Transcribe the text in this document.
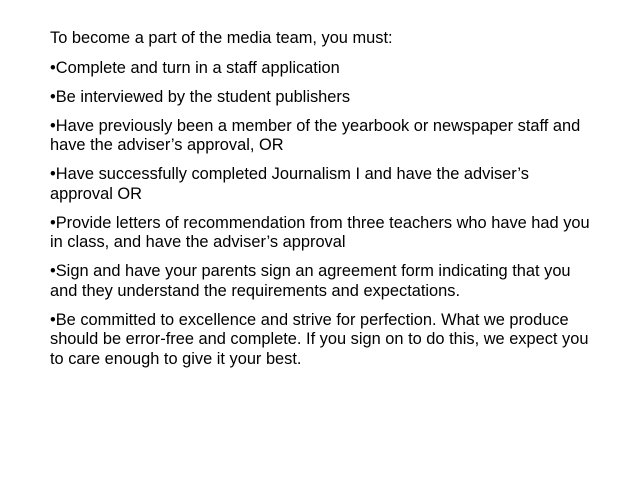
To become a part of the media team, you must:

•Complete and turn in a staff application
•Be interviewed by the student publishers
•Have previously been a member of the yearbook or newspaper staff and have the adviser’s approval, OR
•Have successfully completed Journalism I and have the adviser’s approval OR
•Provide letters of recommendation from three teachers who have had you in class, and have the adviser’s approval
•Sign and have your parents sign an agreement form indicating that you and they understand the requirements and expectations.
•Be committed to excellence and strive for perfection. What we produce should be error-free and complete. If you sign on to do this, we expect you to care enough to give it your best.
